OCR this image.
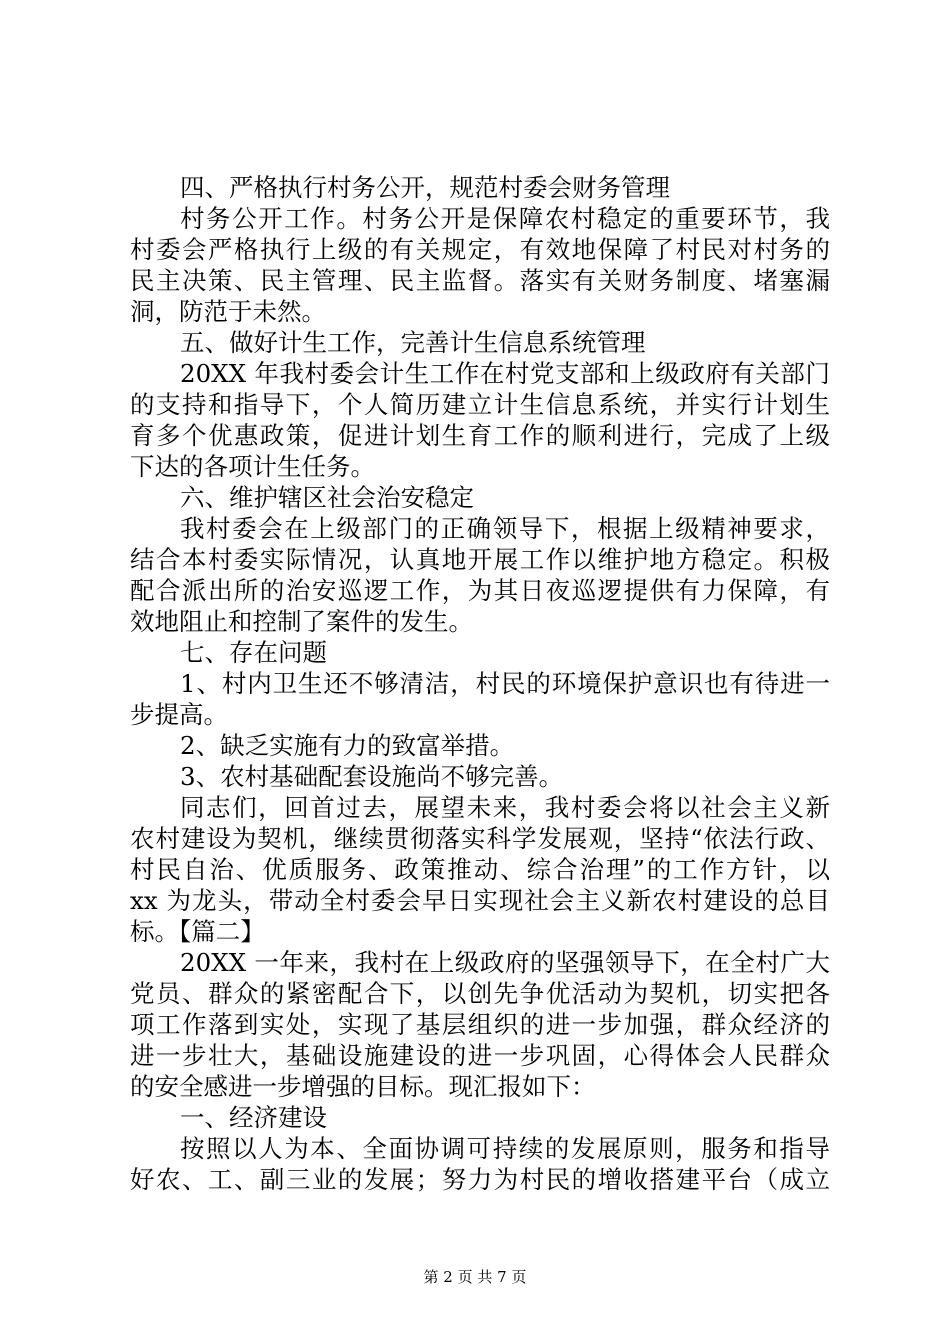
四、严格执行村务公开，规范村委会财务管理
村务公开工作。村务公开是保障农村稳定的重要环节，我
村委会严格执行上级的有关规定，有效地保障了村民对村务的
民主决策、民主管理、民主监督。落实有关财务制度、堵塞漏
洞，防范于未然。
五、做好计生工作，完善计生信息系统管理
20XX 年我村委会计生工作在村党支部和上级政府有关部门
的支持和指导下，个人简历建立计生信息系统，并实行计划生
育多个优惠政策，促进计划生育工作的顺利进行，完成了上级
下达的各项计生任务。
六、维护辖区社会治安稳定
我村委会在上级部门的正确领导下，根据上级精神要求，
结合本村委实际情况，认真地开展工作以维护地方稳定。积极
配合派出所的治安巡逻工作，为其日夜巡逻提供有力保障，有
效地阻止和控制了案件的发生。
七、存在问题
1、村内卫生还不够清洁，村民的环境保护意识也有待进一
步提高。
2、缺乏实施有力的致富举措。
3、农村基础配套设施尚不够完善。
同志们，回首过去，展望未来，我村委会将以社会主义新
农村建设为契机，继续贯彻落实科学发展观，坚持“依法行政、
村民自治、优质服务、政策推动、综合治理”的工作方针，以
xx 为龙头，带动全村委会早日实现社会主义新农村建设的总目
标。【篇二】
20XX 一年来，我村在上级政府的坚强领导下，在全村广大
党员、群众的紧密配合下，以创先争优活动为契机，切实把各
项工作落到实处，实现了基层组织的进一步加强，群众经济的
进一步壮大，基础设施建设的进一步巩固，心得体会人民群众
的安全感进一步增强的目标。现汇报如下：
一、经济建设
按照以人为本、全面协调可持续的发展原则，服务和指导
好农、工、副三业的发展；努力为村民的增收搭建平台（成立
第 2 页 共 7 页
